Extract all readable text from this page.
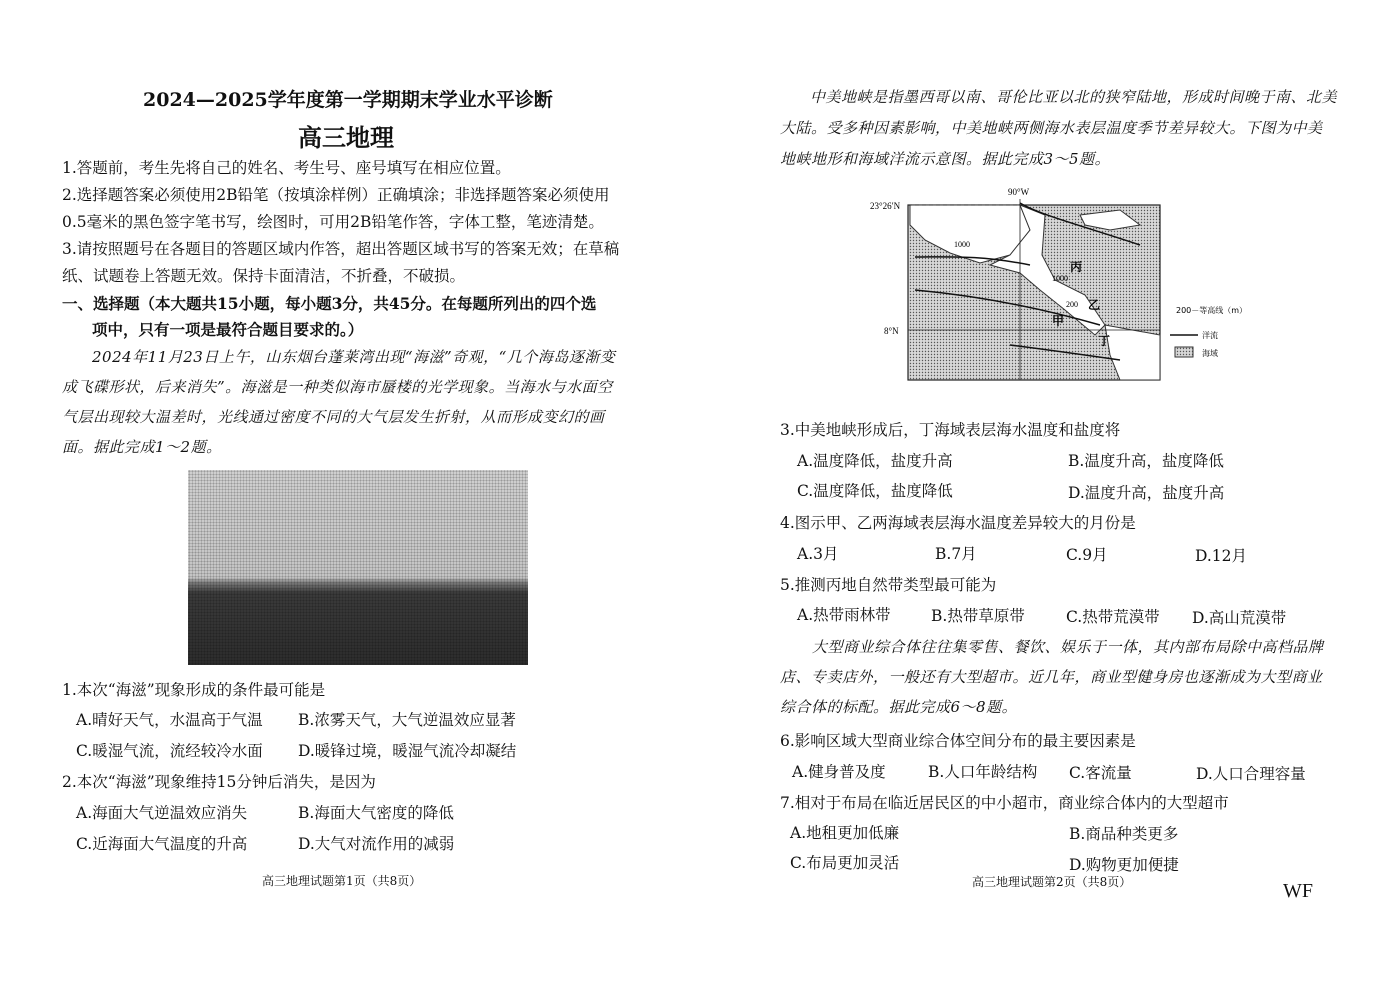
2024—2025学年度第一学期期末学业水平诊断
高三地理
1.答题前，考生先将自己的姓名、考生号、座号填写在相应位置。
2.选择题答案必须使用2B铅笔（按填涂样例）正确填涂；非选择题答案必须使用
0.5毫米的黑色签字笔书写，绘图时，可用2B铅笔作答，字体工整，笔迹清楚。
3.请按照题号在各题目的答题区域内作答，超出答题区域书写的答案无效；在草稿
纸、试题卷上答题无效。保持卡面清洁，不折叠，不破损。
一、选择题（本大题共15小题，每小题3分，共45分。在每题所列出的四个选
项中，只有一项是最符合题目要求的。）
2024年11月23日上午，山东烟台蓬莱湾出现“海滋”奇观，“几个海岛逐渐变
成飞碟形状，后来消失”。海滋是一种类似海市蜃楼的光学现象。当海水与水面空
气层出现较大温差时，光线通过密度不同的大气层发生折射，从而形成变幻的画
面。据此完成1～2题。
1.本次“海滋”现象形成的条件最可能是
A.晴好天气，水温高于气温 B.浓雾天气，大气逆温效应显著
C.暖湿气流，流经较冷水面 D.暖锋过境，暖湿气流冷却凝结
2.本次“海滋”现象维持15分钟后消失，是因为
A.海面大气逆温效应消失	B.海面大气密度的降低
C.近海面大气温度的升高	D.大气对流作用的减弱
高三地理试题第1页（共8页）
中美地峡是指墨西哥以南、哥伦比亚以北的狭窄陆地，形成时间晚于南、北美
大陆。受多种因素影响，中美地峡两侧海水表层温度季节差异较大。下图为中美
地峡地形和海域洋流示意图。据此完成3～5题。
23°26′N
8°N
90°W
1000
1000
200
丙
乙
甲
丁
200－等高线（m）
洋流
海域
3.中美地峡形成后，丁海域表层海水温度和盐度将
A.温度降低，盐度升高	B.温度升高，盐度降低
C.温度降低，盐度降低	D.温度升高，盐度升高
4.图示甲、乙两海域表层海水温度差异较大的月份是
A.3月	B.7月	C.9月	D.12月
5.推测丙地自然带类型最可能为
A.热带雨林带	B.热带草原带	C.热带荒漠带 D.高山荒漠带
大型商业综合体往往集零售、餐饮、娱乐于一体，其内部布局除中高档品牌
店、专卖店外，一般还有大型超市。近几年，商业型健身房也逐渐成为大型商业
综合体的标配。据此完成6～8题。
6.影响区域大型商业综合体空间分布的最主要因素是
A.健身普及度	B.人口年龄结构 C.客流量	D.人口合理容量
7.相对于布局在临近居民区的中小超市，商业综合体内的大型超市
A.地租更加低廉	B.商品种类更多
C.布局更加灵活	D.购物更加便捷
高三地理试题第2页（共8页）	WF
